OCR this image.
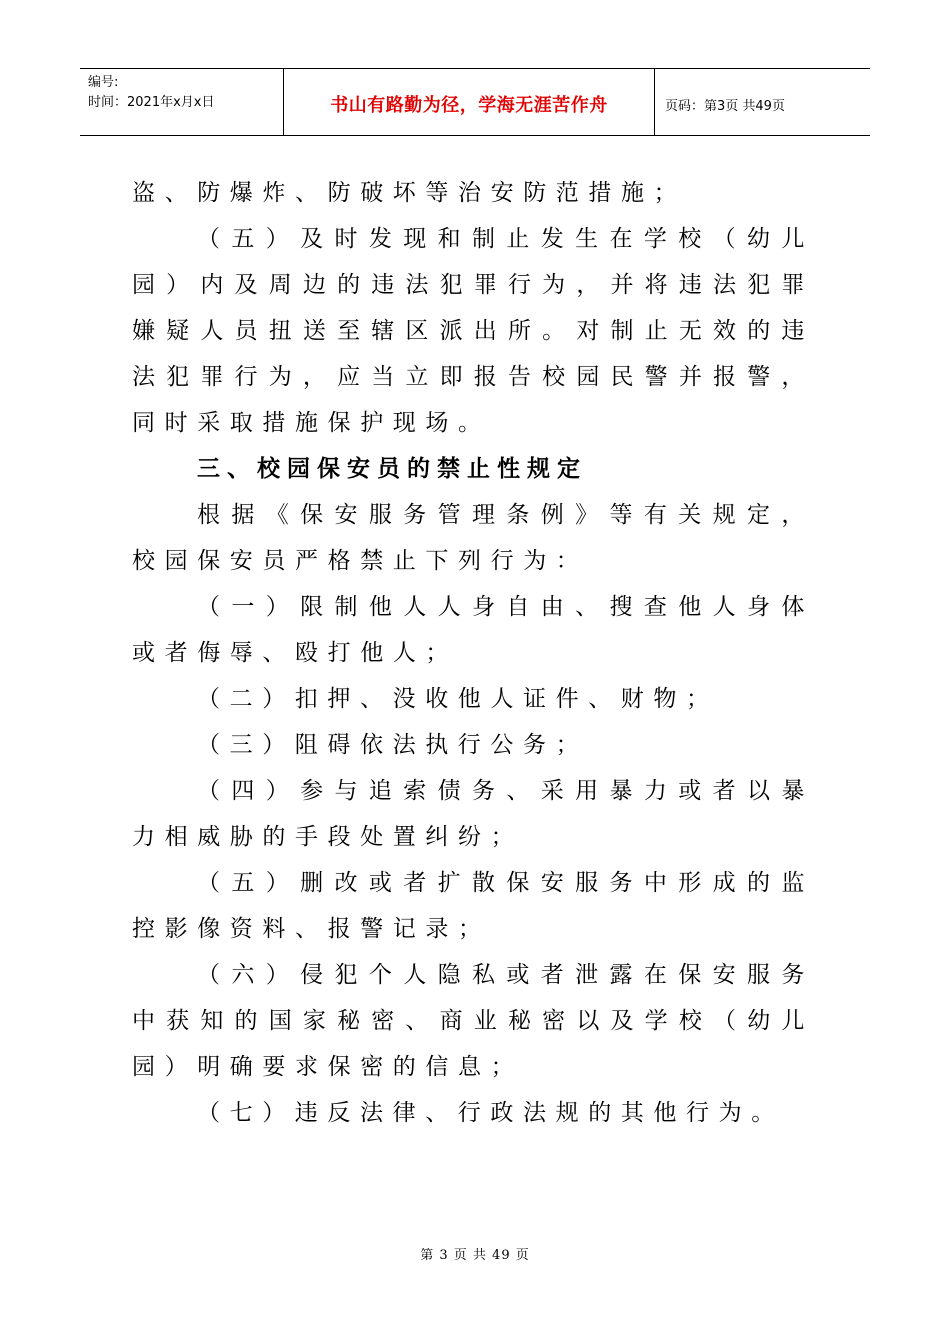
编号:
时间：2021年x月x日	书山有路勤为径，学海无涯苦作舟	页码：第3页 共49页

盗、防爆炸、防破坏等治安防范措施；

（五）及时发现和制止发生在学校（幼儿园）内及周边的违法犯罪行为，并将违法犯罪嫌疑人员扭送至辖区派出所。对制止无效的违法犯罪行为，应当立即报告校园民警并报警，同时采取措施保护现场。

三、校园保安员的禁止性规定

根据《保安服务管理条例》等有关规定，校园保安员严格禁止下列行为：

（一）限制他人人身自由、搜查他人身体或者侮辱、殴打他人；

（二）扣押、没收他人证件、财物；

（三）阻碍依法执行公务；

（四）参与追索债务、采用暴力或者以暴力相威胁的手段处置纠纷；

（五）删改或者扩散保安服务中形成的监控影像资料、报警记录；

（六）侵犯个人隐私或者泄露在保安服务中获知的国家秘密、商业秘密以及学校（幼儿园）明确要求保密的信息；

（七）违反法律、行政法规的其他行为。

第 3 页 共 49 页
